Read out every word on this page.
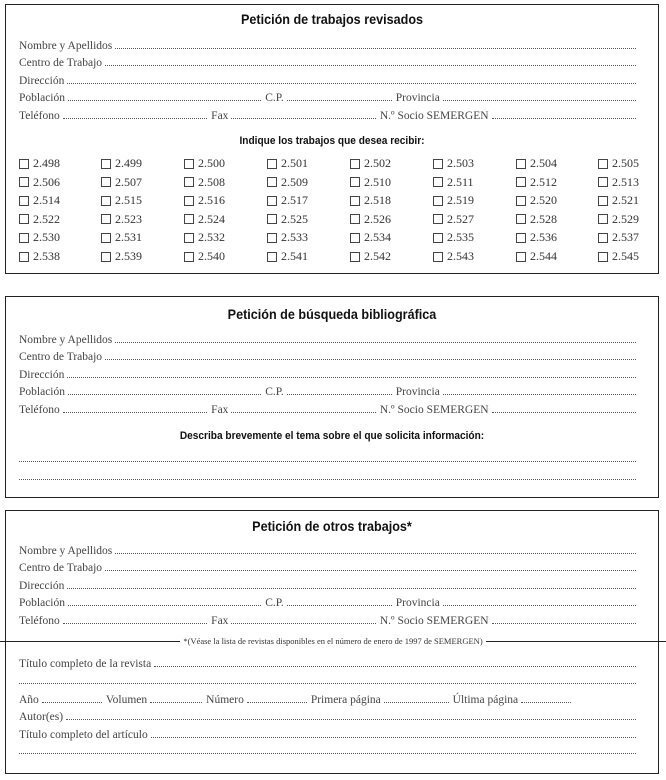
Petición de trabajos revisados
Nombre y Apellidos
Centro de Trabajo
Dirección
Población	C.P.	Provincia
Teléfono	Fax	N.º Socio SEMERGEN
Indique los trabajos que desea recibir:
2.498	2.499	2.500	2.501	2.502	2.503	2.504	2.505
2.506	2.507	2.508	2.509	2.510	2.511	2.512	2.513
2.514	2.515	2.516	2.517	2.518	2.519	2.520	2.521
2.522	2.523	2.524	2.525	2.526	2.527	2.528	2.529
2.530	2.531	2.532	2.533	2.534	2.535	2.536	2.537
2.538	2.539	2.540	2.541	2.542	2.543	2.544	2.545
Petición de búsqueda bibliográfica
Nombre y Apellidos
Centro de Trabajo
Dirección
Población	C.P.	Provincia
Teléfono	Fax	N.º Socio SEMERGEN
Describa brevemente el tema sobre el que solicita información:
Petición de otros trabajos*
Nombre y Apellidos
Centro de Trabajo
Dirección
Población	C.P.	Provincia
Teléfono	Fax	N.º Socio SEMERGEN
*(Véase la lista de revistas disponibles en el número de enero de 1997 de SEMERGEN)
Título completo de la revista
Año	Volumen	Número	Primera página	Última página
Autor(es)
Título completo del artículo
